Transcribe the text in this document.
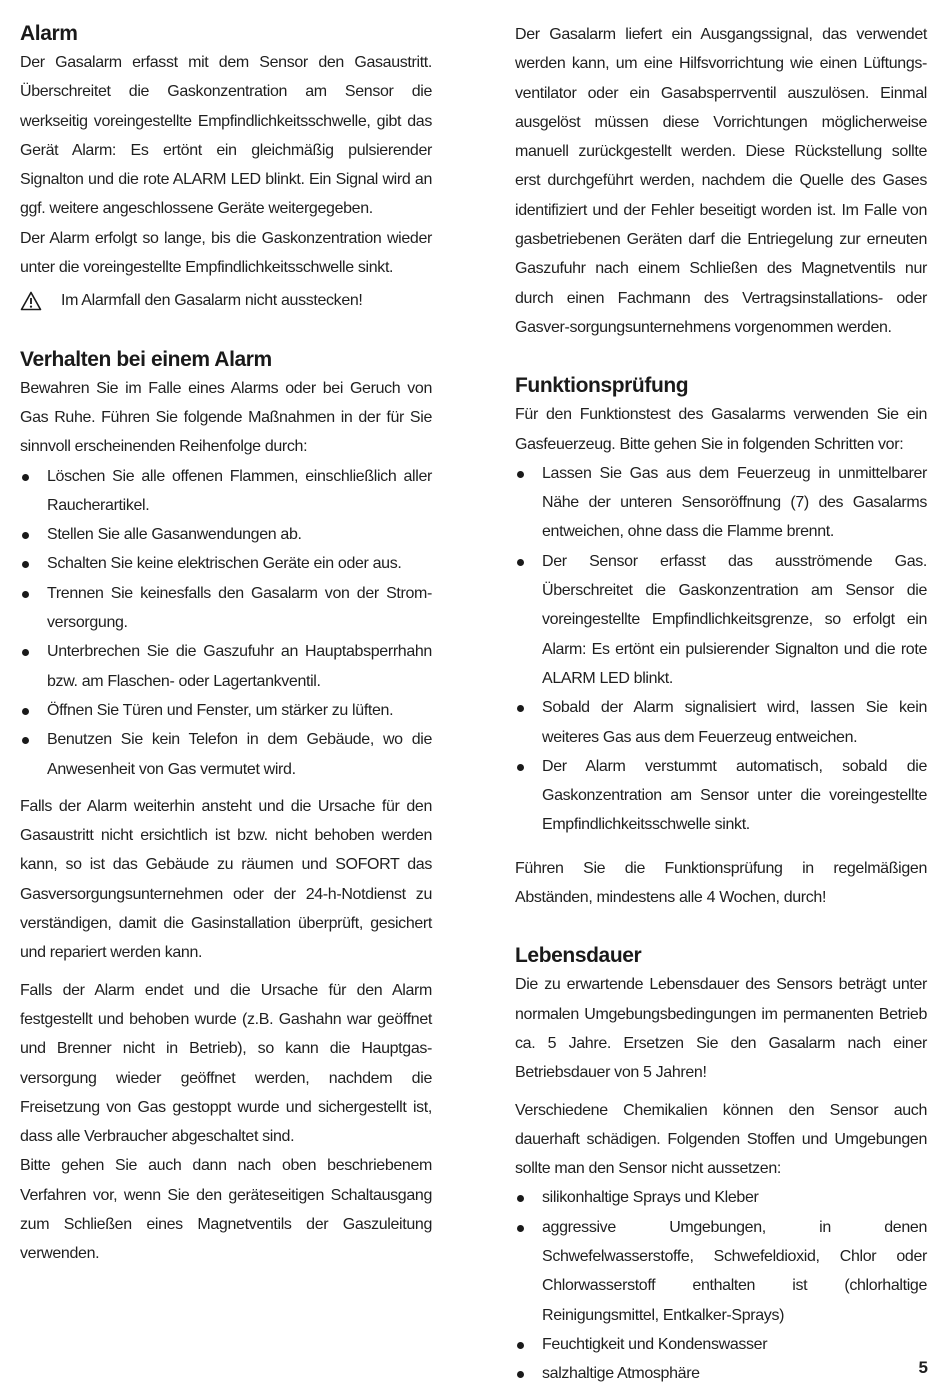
Alarm

Der Gasalarm erfasst mit dem Sensor den Gasaustritt. Überschreitet die Gaskonzentration am Sensor die werkseitig voreingestellte Empfindlichkeitsschwelle, gibt das Gerät Alarm: Es ertönt ein gleichmäßig pulsierender Signalton und die rote ALARM LED blinkt. Ein Signal wird an ggf. weitere angeschlossene Geräte weitergegeben.

Der Alarm erfolgt so lange, bis die Gaskonzentration wieder unter die voreingestellte Empfindlichkeitsschwelle sinkt.

Im Alarmfall den Gasalarm nicht ausstecken!
Verhalten bei einem Alarm

Bewahren Sie im Falle eines Alarms oder bei Geruch von Gas Ruhe. Führen Sie folgende Maßnahmen in der für Sie sinnvoll erscheinenden Reihenfolge durch:

Löschen Sie alle offenen Flammen, einschließlich aller Raucherartikel.
Stellen Sie alle Gasanwendungen ab.
Schalten Sie keine elektrischen Geräte ein oder aus.
Trennen Sie keinesfalls den Gasalarm von der Strom-versorgung.
Unterbrechen Sie die Gaszufuhr an Hauptabsperrhahn bzw. am Flaschen- oder Lagertankventil.
Öffnen Sie Türen und Fenster, um stärker zu lüften.
Benutzen Sie kein Telefon in dem Gebäude, wo die Anwesenheit von Gas vermutet wird.

Falls der Alarm weiterhin ansteht und die Ursache für den Gasaustritt nicht ersichtlich ist bzw. nicht behoben werden kann, so ist das Gebäude zu räumen und SOFORT das Gasversorgungsunternehmen oder der 24-h-Notdienst zu verständigen, damit die Gasinstallation überprüft, gesichert und repariert werden kann.

Falls der Alarm endet und die Ursache für den Alarm festgestellt und behoben wurde (z.B. Gashahn war geöffnet und Brenner nicht in Betrieb), so kann die Hauptgas-versorgung wieder geöffnet werden, nachdem die Freisetzung von Gas gestoppt wurde und sichergestellt ist, dass alle Verbraucher abgeschaltet sind.

Bitte gehen Sie auch dann nach oben beschriebenem Verfahren vor, wenn Sie den geräteseitigen Schaltausgang zum Schließen eines Magnetventils der Gaszuleitung verwenden.

Der Gasalarm liefert ein Ausgangssignal, das verwendet werden kann, um eine Hilfsvorrichtung wie einen Lüftungs-ventilator oder ein Gasabsperrventil auszulösen. Einmal ausgelöst müssen diese Vorrichtungen möglicherweise manuell zurückgestellt werden. Diese Rückstellung sollte erst durchgeführt werden, nachdem die Quelle des Gases identifiziert und der Fehler beseitigt worden ist. Im Falle von gasbetriebenen Geräten darf die Entriegelung zur erneuten Gaszufuhr nach einem Schließen des Magnetventils nur durch einen Fachmann des Vertragsinstallations- oder Gasver-sorgungsunternehmens vorgenommen werden.

Funktionsprüfung

Für den Funktionstest des Gasalarms verwenden Sie ein Gasfeuerzeug. Bitte gehen Sie in folgenden Schritten vor:

Lassen Sie Gas aus dem Feuerzeug in unmittelbarer Nähe der unteren Sensoröffnung (7) des Gasalarms entweichen, ohne dass die Flamme brennt.
Der Sensor erfasst das ausströmende Gas. Überschreitet die Gaskonzentration am Sensor die voreingestellte Empfindlichkeitsgrenze, so erfolgt ein Alarm: Es ertönt ein pulsierender Signalton und die rote ALARM LED blinkt.
Sobald der Alarm signalisiert wird, lassen Sie kein weiteres Gas aus dem Feuerzeug entweichen.
Der Alarm verstummt automatisch, sobald die Gaskonzentration am Sensor unter die voreingestellte Empfindlichkeitsschwelle sinkt.

Führen Sie die Funktionsprüfung in regelmäßigen Abständen, mindestens alle 4 Wochen, durch!

Lebensdauer

Die zu erwartende Lebensdauer des Sensors beträgt unter normalen Umgebungsbedingungen im permanenten Betrieb ca. 5 Jahre. Ersetzen Sie den Gasalarm nach einer Betriebsdauer von 5 Jahren!

Verschiedene Chemikalien können den Sensor auch dauerhaft schädigen. Folgenden Stoffen und Umgebungen sollte man den Sensor nicht aussetzen:

silikonhaltige Sprays und Kleber
aggressive Umgebungen, in denen Schwefelwasserstoffe, Schwefeldioxid, Chlor oder Chlorwasserstoff enthalten ist (chlorhaltige Reinigungsmittel, Entkalker-Sprays)
Feuchtigkeit und Kondenswasser
salzhaltige Atmosphäre	5
